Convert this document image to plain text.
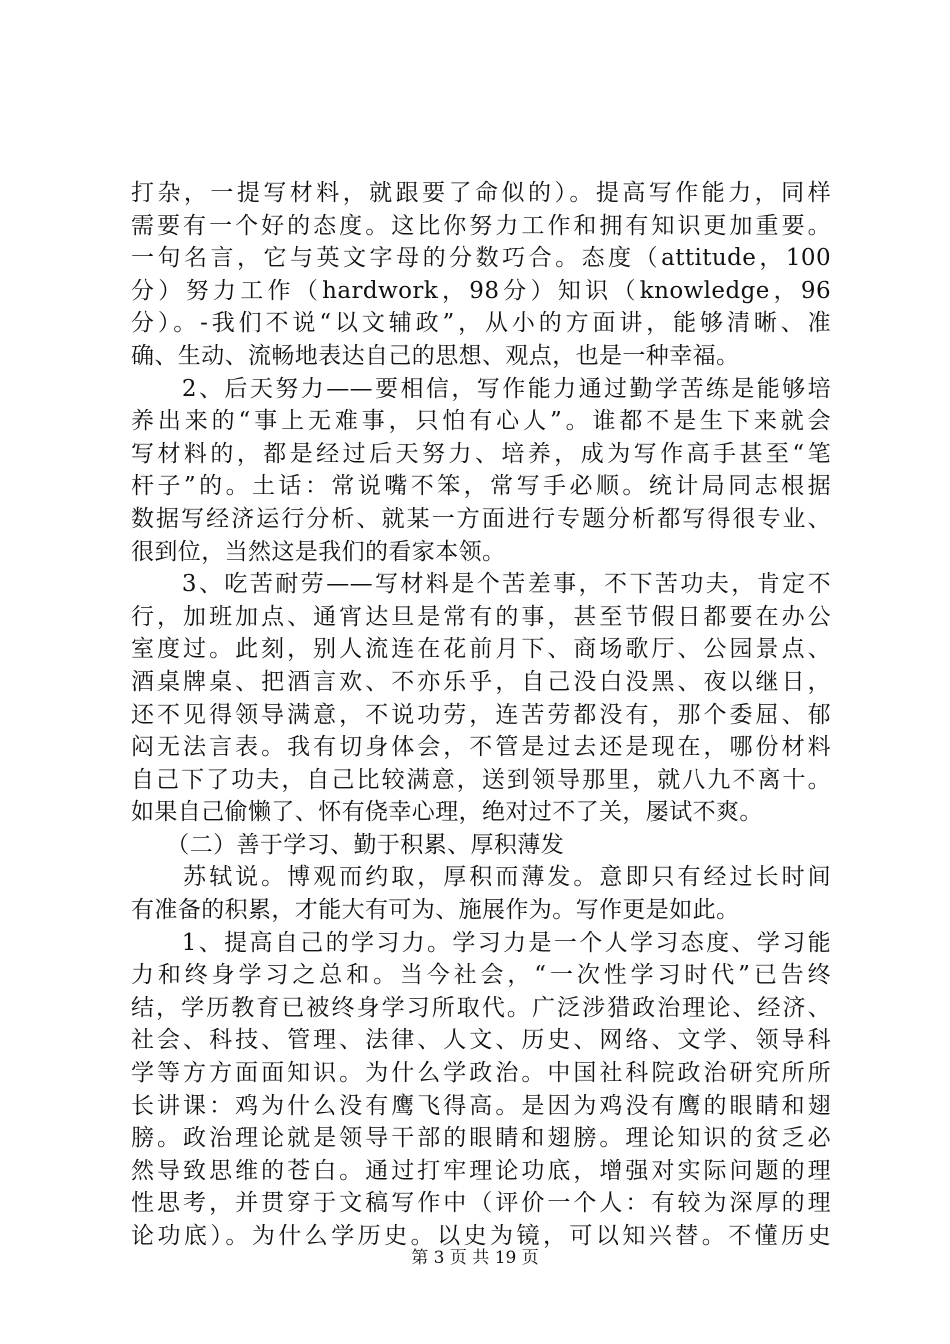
打杂，一提写材料，就跟要了命似的）。提高写作能力，同样
需要有一个好的态度。这比你努力工作和拥有知识更加重要。
一句名言，它与英文字母的分数巧合。态度（attitude，100
分）努力工作（hardwork，98分）知识（knowledge，96
分）。-我们不说“以文辅政”，从小的方面讲，能够清晰、准
确、生动、流畅地表达自己的思想、观点，也是一种幸福。
　　2、后天努力——要相信，写作能力通过勤学苦练是能够培
养出来的“事上无难事，只怕有心人”。谁都不是生下来就会
写材料的，都是经过后天努力、培养，成为写作高手甚至“笔
杆子”的。土话：常说嘴不笨，常写手必顺。统计局同志根据
数据写经济运行分析、就某一方面进行专题分析都写得很专业、
很到位，当然这是我们的看家本领。
　　3、吃苦耐劳——写材料是个苦差事，不下苦功夫，肯定不
行，加班加点、通宵达旦是常有的事，甚至节假日都要在办公
室度过。此刻，别人流连在花前月下、商场歌厅、公园景点、
酒桌牌桌、把酒言欢、不亦乐乎，自己没白没黑、夜以继日，
还不见得领导满意，不说功劳，连苦劳都没有，那个委屈、郁
闷无法言表。我有切身体会，不管是过去还是现在，哪份材料
自己下了功夫，自己比较满意，送到领导那里，就八九不离十。
如果自己偷懒了、怀有侥幸心理，绝对过不了关，屡试不爽。
　　（二）善于学习、勤于积累、厚积薄发
　　苏轼说。博观而约取，厚积而薄发。意即只有经过长时间
有准备的积累，才能大有可为、施展作为。写作更是如此。
　　1、提高自己的学习力。学习力是一个人学习态度、学习能
力和终身学习之总和。当今社会，“一次性学习时代”已告终
结，学历教育已被终身学习所取代。广泛涉猎政治理论、经济、
社会、科技、管理、法律、人文、历史、网络、文学、领导科
学等方方面面知识。为什么学政治。中国社科院政治研究所所
长讲课：鸡为什么没有鹰飞得高。是因为鸡没有鹰的眼睛和翅
膀。政治理论就是领导干部的眼睛和翅膀。理论知识的贫乏必
然导致思维的苍白。通过打牢理论功底，增强对实际问题的理
性思考，并贯穿于文稿写作中（评价一个人：有较为深厚的理
论功底）。为什么学历史。以史为镜，可以知兴替。不懂历史
第 3 页 共 19 页
